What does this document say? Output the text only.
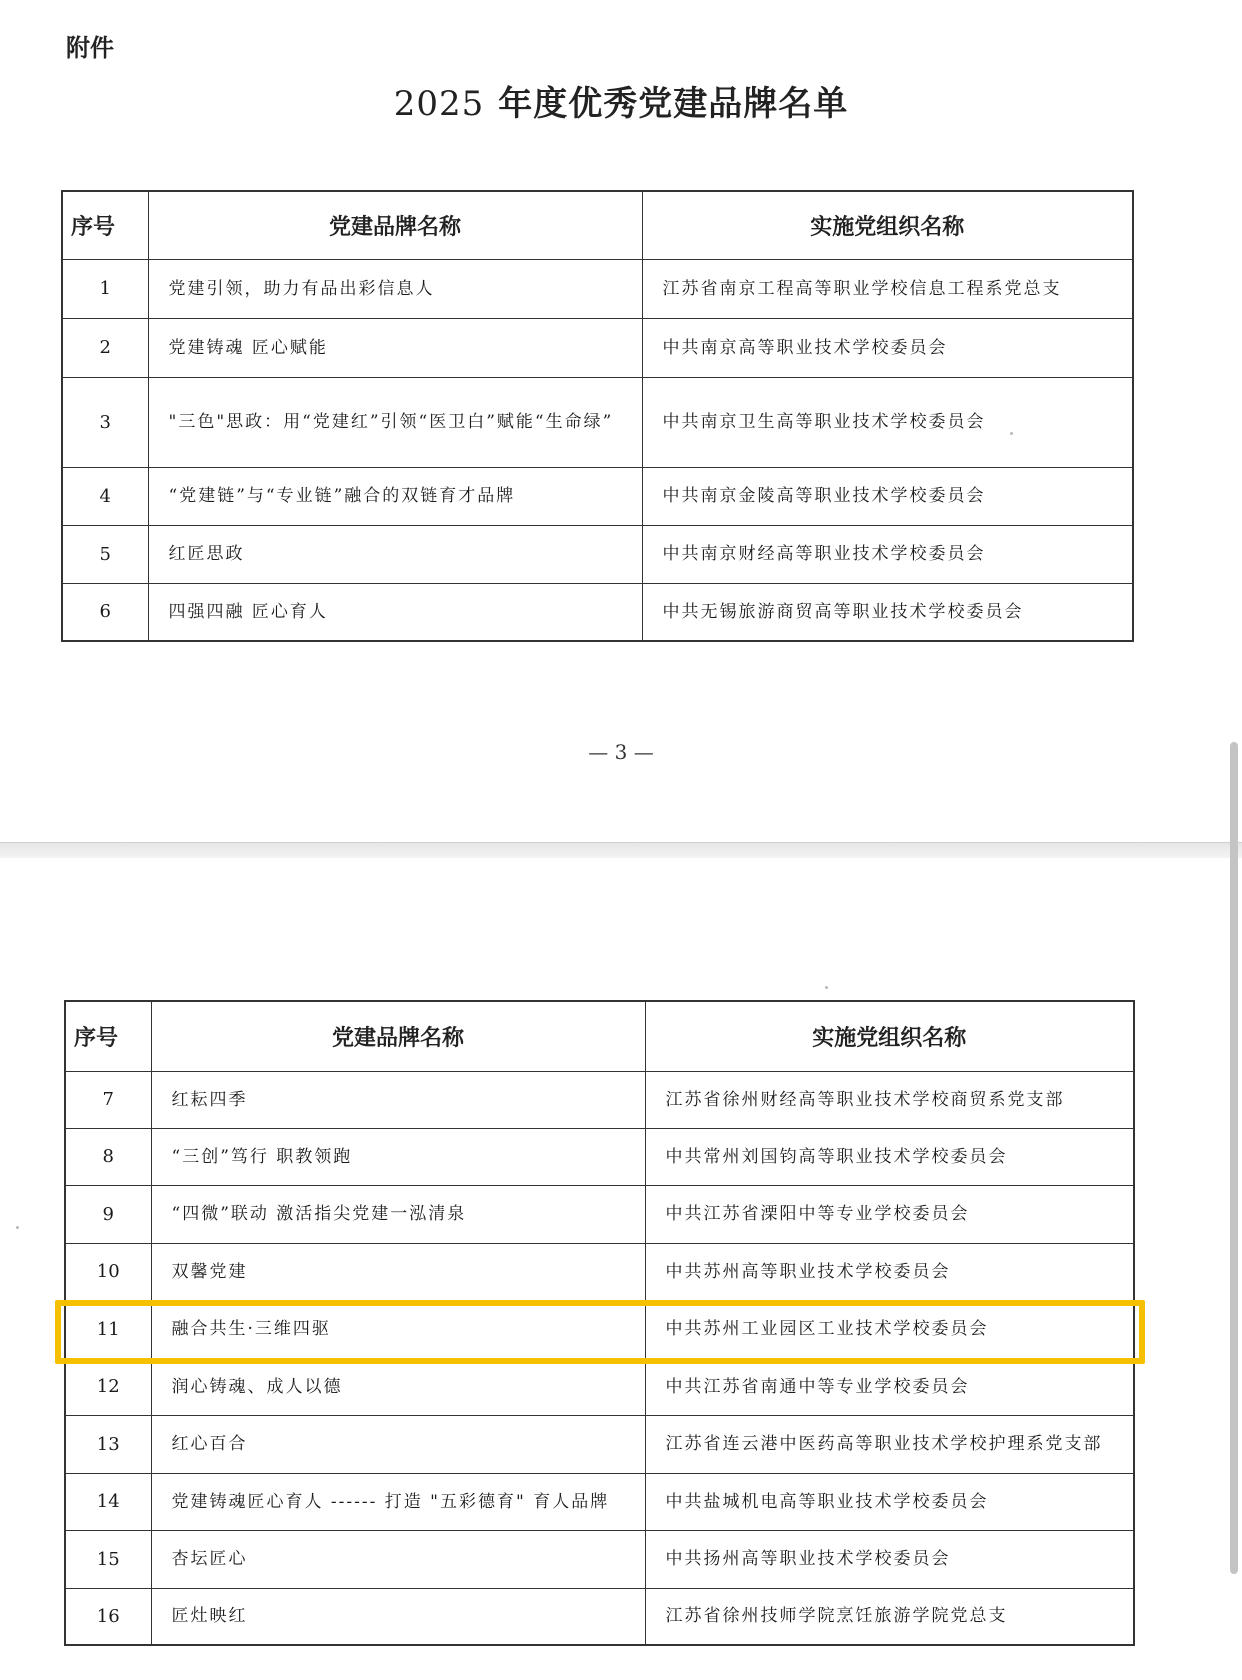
附件
2025 年度优秀党建品牌名单
序号	党建品牌名称	实施党组织名称
1	党建引领，助力有品出彩信息人	江苏省南京工程高等职业学校信息工程系党总支
2	党建铸魂 匠心赋能	中共南京高等职业技术学校委员会
3	"三色"思政：用“党建红”引领“医卫白”赋能“生命绿”	中共南京卫生高等职业技术学校委员会
4	“党建链”与“专业链”融合的双链育才品牌	中共南京金陵高等职业技术学校委员会
5	红匠思政	中共南京财经高等职业技术学校委员会
6	四强四融 匠心育人	中共无锡旅游商贸高等职业技术学校委员会
— 3 —
序号	党建品牌名称	实施党组织名称
7	红耘四季	江苏省徐州财经高等职业技术学校商贸系党支部
8	“三创”笃行 职教领跑	中共常州刘国钧高等职业技术学校委员会
9	“四微”联动 激活指尖党建一泓清泉	中共江苏省溧阳中等专业学校委员会
10	双馨党建	中共苏州高等职业技术学校委员会
11	融合共生·三维四驱	中共苏州工业园区工业技术学校委员会
12	润心铸魂、成人以德	中共江苏省南通中等专业学校委员会
13	红心百合	江苏省连云港中医药高等职业技术学校护理系党支部
14	党建铸魂匠心育人 ------ 打造 "五彩德育" 育人品牌	中共盐城机电高等职业技术学校委员会
15	杏坛匠心	中共扬州高等职业技术学校委员会
16	匠灶映红	江苏省徐州技师学院烹饪旅游学院党总支
